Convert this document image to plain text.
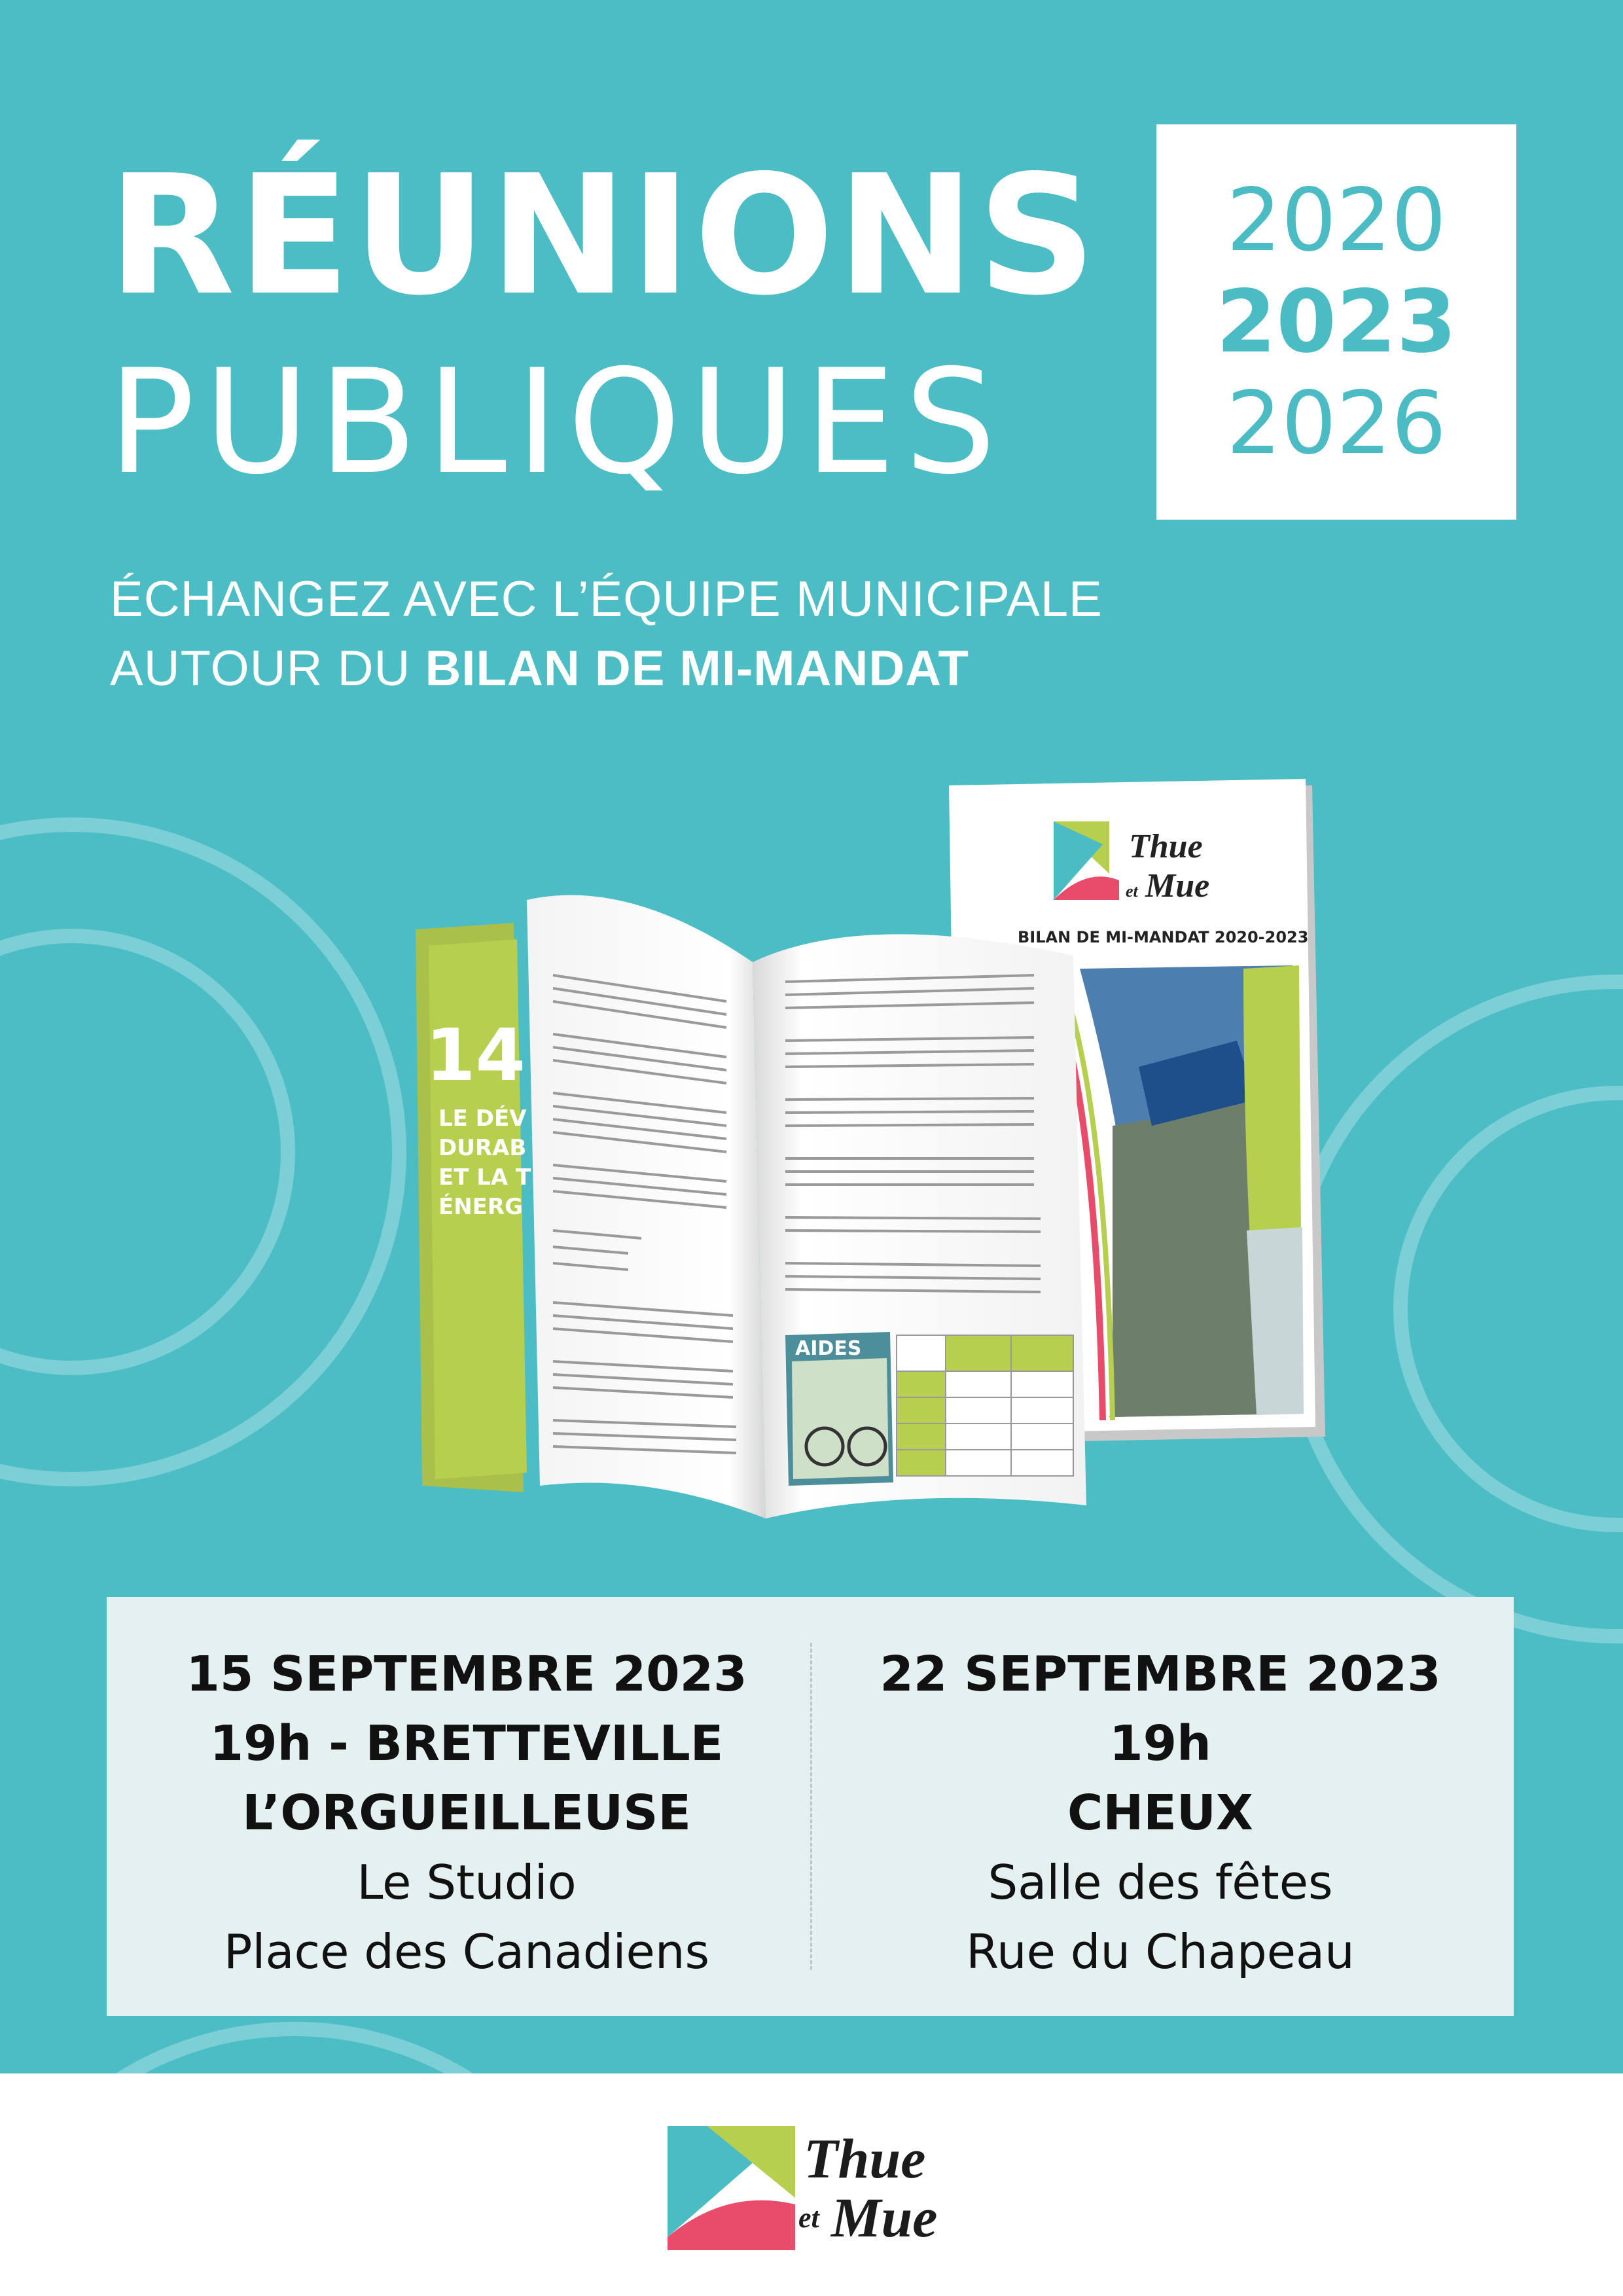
RÉUNIONS
PUBLIQUES
2020
2023
2026
ÉCHANGEZ AVEC L’ÉQUIPE MUNICIPALE
AUTOUR DU BILAN DE MI-MANDAT
Thue
et Mue
BILAN DE MI-MANDAT 2020-2023
14
LE DÉV
DURAB
ET LA T
ÉNERG
AIDES
15 SEPTEMBRE 2023
19h - BRETTEVILLE
L’ORGUEILLEUSE
Le Studio
Place des Canadiens
22 SEPTEMBRE 2023
19h
CHEUX
Salle des fêtes
Rue du Chapeau
Thue
et Mue
